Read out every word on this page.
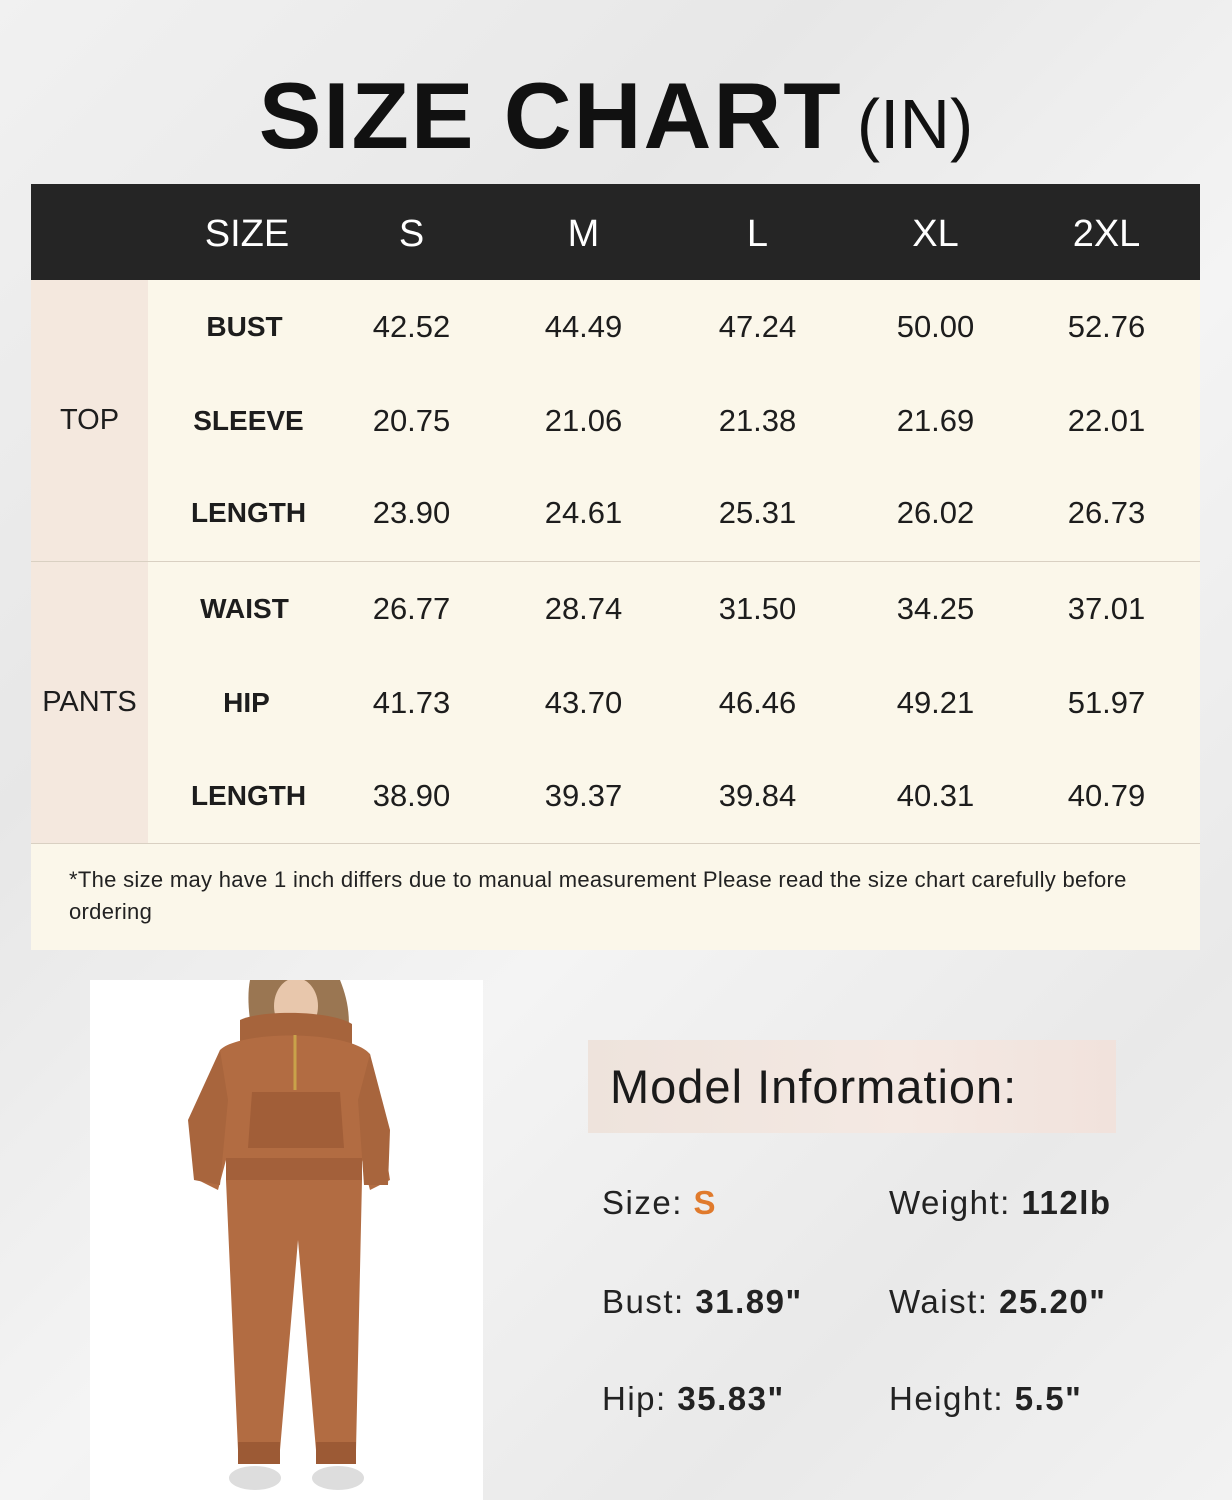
SIZE CHART (IN)
SIZE	S	M	L	XL	2XL
TOP
BUST	42.52	44.49	47.24	50.00	52.76
SLEEVE	20.75	21.06	21.38	21.69	22.01
LENGTH	23.90	24.61	25.31	26.02	26.73
PANTS
WAIST	26.77	28.74	31.50	34.25	37.01
HIP	41.73	43.70	46.46	49.21	51.97
LENGTH	38.90	39.37	39.84	40.31	40.79
*The size may have 1 inch differs due to manual measurement Please read the size chart carefully before ordering
Model Information:
Size: S	Weight: 112lb
Bust: 31.89"	Waist: 25.20"
Hip: 35.83"	Height: 5.5"
